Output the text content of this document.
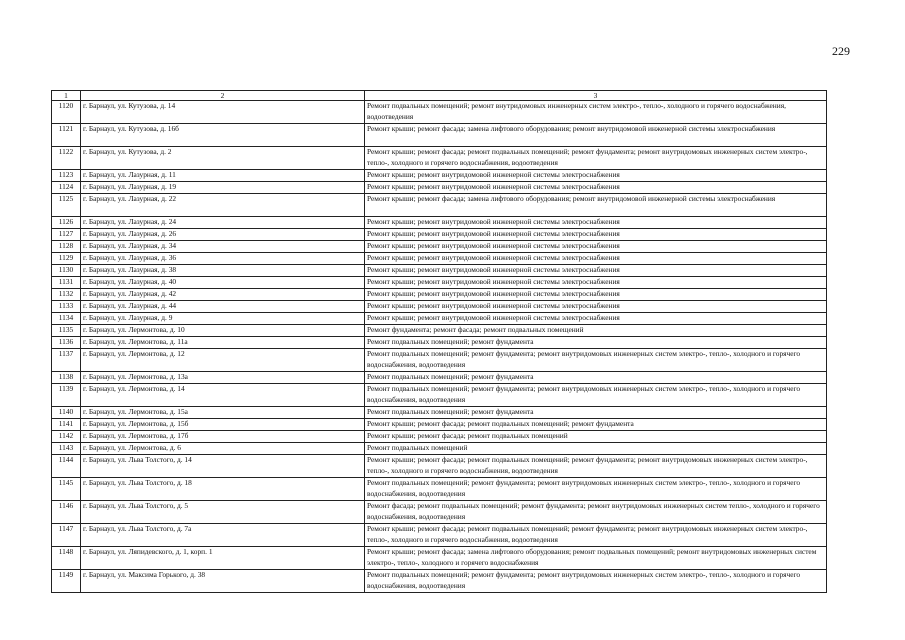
229
1	2	3
1120	г. Барнаул, ул. Кутузова, д. 14	Ремонт подвальных помещений; ремонт внутридомовых инженерных систем электро-, тепло-, холодного и горячего водоснабжения, водоотведения
1121	г. Барнаул, ул. Кутузова, д. 16б	Ремонт крыши; ремонт фасада; замена лифтового оборудования; ремонт внутридомовой инженерной системы электроснабжения
1122	г. Барнаул, ул. Кутузова, д. 2	Ремонт крыши; ремонт фасада; ремонт подвальных помещений; ремонт фундамента; ремонт внутридомовых инженерных систем электро-, тепло-, холодного и горячего водоснабжения, водоотведения
1123	г. Барнаул, ул. Лазурная, д. 11	Ремонт крыши; ремонт внутридомовой инженерной системы электроснабжения
1124	г. Барнаул, ул. Лазурная, д. 19	Ремонт крыши; ремонт внутридомовой инженерной системы электроснабжения
1125	г. Барнаул, ул. Лазурная, д. 22	Ремонт крыши; ремонт фасада; замена лифтового оборудования; ремонт внутридомовой инженерной системы электроснабжения
1126	г. Барнаул, ул. Лазурная, д. 24	Ремонт крыши; ремонт внутридомовой инженерной системы электроснабжения
1127	г. Барнаул, ул. Лазурная, д. 26	Ремонт крыши; ремонт внутридомовой инженерной системы электроснабжения
1128	г. Барнаул, ул. Лазурная, д. 34	Ремонт крыши; ремонт внутридомовой инженерной системы электроснабжения
1129	г. Барнаул, ул. Лазурная, д. 36	Ремонт крыши; ремонт внутридомовой инженерной системы электроснабжения
1130	г. Барнаул, ул. Лазурная, д. 38	Ремонт крыши; ремонт внутридомовой инженерной системы электроснабжения
1131	г. Барнаул, ул. Лазурная, д. 40	Ремонт крыши; ремонт внутридомовой инженерной системы электроснабжения
1132	г. Барнаул, ул. Лазурная, д. 42	Ремонт крыши; ремонт внутридомовой инженерной системы электроснабжения
1133	г. Барнаул, ул. Лазурная, д. 44	Ремонт крыши; ремонт внутридомовой инженерной системы электроснабжения
1134	г. Барнаул, ул. Лазурная, д. 9	Ремонт крыши; ремонт внутридомовой инженерной системы электроснабжения
1135	г. Барнаул, ул. Лермонтова, д. 10	Ремонт фундамента; ремонт фасада; ремонт подвальных помещений
1136	г. Барнаул, ул. Лермонтова, д. 11а	Ремонт подвальных помещений; ремонт фундамента
1137	г. Барнаул, ул. Лермонтова, д. 12	Ремонт подвальных помещений; ремонт фундамента; ремонт внутридомовых инженерных систем электро-, тепло-, холодного и горячего водоснабжения, водоотведения
1138	г. Барнаул, ул. Лермонтова, д. 13а	Ремонт подвальных помещений; ремонт фундамента
1139	г. Барнаул, ул. Лермонтова, д. 14	Ремонт подвальных помещений; ремонт фундамента; ремонт внутридомовых инженерных систем электро-, тепло-, холодного и горячего водоснабжения, водоотведения
1140	г. Барнаул, ул. Лермонтова, д. 15а	Ремонт подвальных помещений; ремонт фундамента
1141	г. Барнаул, ул. Лермонтова, д. 15б	Ремонт крыши; ремонт фасада; ремонт подвальных помещений; ремонт фундамента
1142	г. Барнаул, ул. Лермонтова, д. 17б	Ремонт крыши; ремонт фасада; ремонт подвальных помещений
1143	г. Барнаул, ул. Лермонтова, д. 6	Ремонт подвальных помещений
1144	г. Барнаул, ул. Льва Толстого, д. 14	Ремонт крыши; ремонт фасада; ремонт подвальных помещений; ремонт фундамента; ремонт внутридомовых инженерных систем электро-, тепло-, холодного и горячего водоснабжения, водоотведения
1145	г. Барнаул, ул. Льва Толстого, д. 18	Ремонт подвальных помещений; ремонт фундамента; ремонт внутридомовых инженерных систем электро-, тепло-, холодного и горячего водоснабжения, водоотведения
1146	г. Барнаул, ул. Льва Толстого, д. 5	Ремонт фасада; ремонт подвальных помещений; ремонт фундамента; ремонт внутридомовых инженерных систем тепло-, холодного и горячего водоснабжения, водоотведения
1147	г. Барнаул, ул. Льва Толстого, д. 7а	Ремонт крыши; ремонт фасада; ремонт подвальных помещений; ремонт фундамента; ремонт внутридомовых инженерных систем электро-, тепло-, холодного и горячего водоснабжения, водоотведения
1148	г. Барнаул, ул. Ляпидевского, д. 1, корп. 1	Ремонт крыши; ремонт фасада; замена лифтового оборудования; ремонт подвальных помещений; ремонт внутридомовых инженерных систем электро-, тепло-, холодного и горячего водоснабжения
1149	г. Барнаул, ул. Максима Горького, д. 38	Ремонт подвальных помещений; ремонт фундамента; ремонт внутридомовых инженерных систем электро-, тепло-, холодного и горячего водоснабжения, водоотведения
